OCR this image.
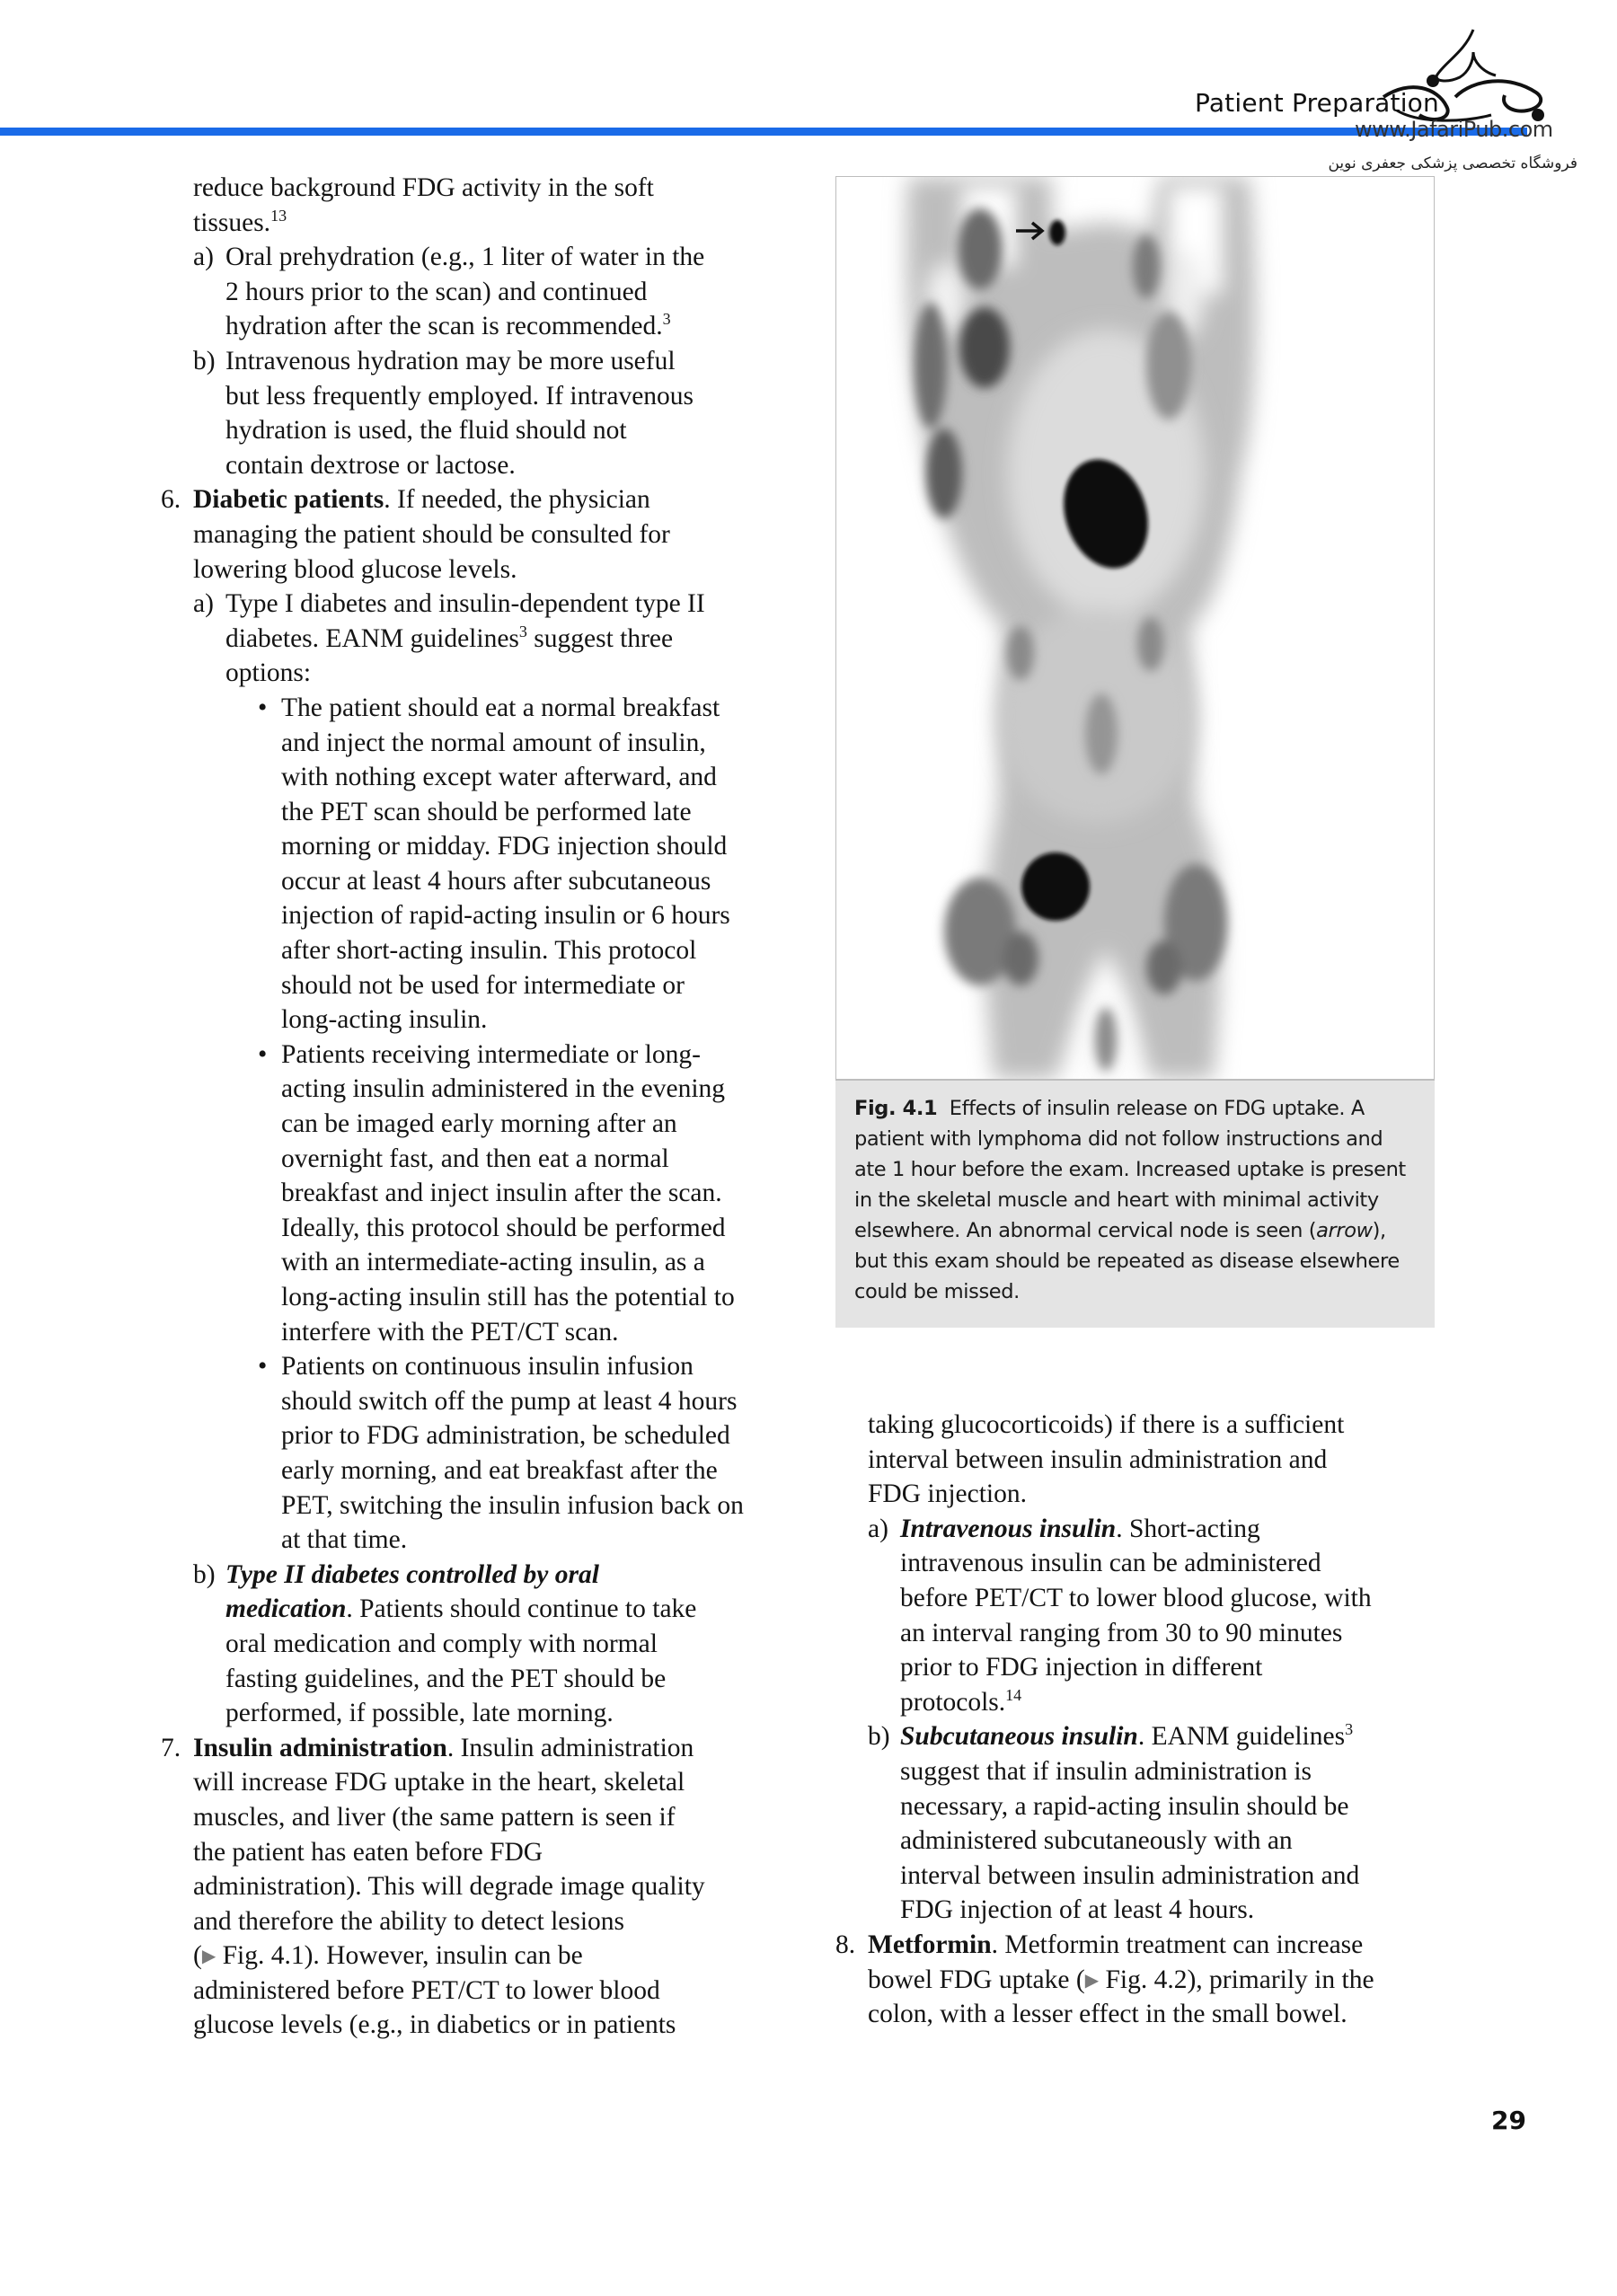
Patient Preparation
www.JafariPub.com
فروشگاه تخصصی پزشکی جعفری نوین
reduce background FDG activity in the soft
tissues.$^{13}$
a) Oral prehydration (e.g., 1 liter of water in the
2 hours prior to the scan) and continued
hydration after the scan is recommended.$^3$
b) Intravenous hydration may be more useful
but less frequently employed. If intravenous
hydration is used, the fluid should not
contain dextrose or lactose.
6. Diabetic patients. If needed, the physician
managing the patient should be consulted for
lowering blood glucose levels.
a) Type I diabetes and insulin-dependent type II
diabetes. EANM guidelines$^3$ suggest three
options:
• The patient should eat a normal breakfast
and inject the normal amount of insulin,
with nothing except water afterward, and
the PET scan should be performed late
morning or midday. FDG injection should
occur at least 4 hours after subcutaneous
injection of rapid-acting insulin or 6 hours
after short-acting insulin. This protocol
should not be used for intermediate or
long-acting insulin.
• Patients receiving intermediate or long-
acting insulin administered in the evening
can be imaged early morning after an
overnight fast, and then eat a normal
breakfast and inject insulin after the scan.
Ideally, this protocol should be performed
with an intermediate-acting insulin, as a
long-acting insulin still has the potential to
interfere with the PET/CT scan.
• Patients on continuous insulin infusion
should switch off the pump at least 4 hours
prior to FDG administration, be scheduled
early morning, and eat breakfast after the
PET, switching the insulin infusion back on
at that time.
b) Type II diabetes controlled by oral
medication. Patients should continue to take
oral medication and comply with normal
fasting guidelines, and the PET should be
performed, if possible, late morning.
7. Insulin administration. Insulin administration
will increase FDG uptake in the heart, skeletal
muscles, and liver (the same pattern is seen if
the patient has eaten before FDG
administration). This will degrade image quality
and therefore the ability to detect lesions
(▶ Fig. 4.1). However, insulin can be
administered before PET/CT to lower blood
glucose levels (e.g., in diabetics or in patients
Fig. 4.1 Effects of insulin release on FDG uptake. A
patient with lymphoma did not follow instructions and
ate 1 hour before the exam. Increased uptake is present
in the skeletal muscle and heart with minimal activity
elsewhere. An abnormal cervical node is seen (arrow),
but this exam should be repeated as disease elsewhere
could be missed.
taking glucocorticoids) if there is a sufficient
interval between insulin administration and
FDG injection.
a) Intravenous insulin. Short-acting
intravenous insulin can be administered
before PET/CT to lower blood glucose, with
an interval ranging from 30 to 90 minutes
prior to FDG injection in different
protocols.$^{14}$
b) Subcutaneous insulin. EANM guidelines$^3$
suggest that if insulin administration is
necessary, a rapid-acting insulin should be
administered subcutaneously with an
interval between insulin administration and
FDG injection of at least 4 hours.
8. Metformin. Metformin treatment can increase
bowel FDG uptake (▶ Fig. 4.2), primarily in the
colon, with a lesser effect in the small bowel.
29
